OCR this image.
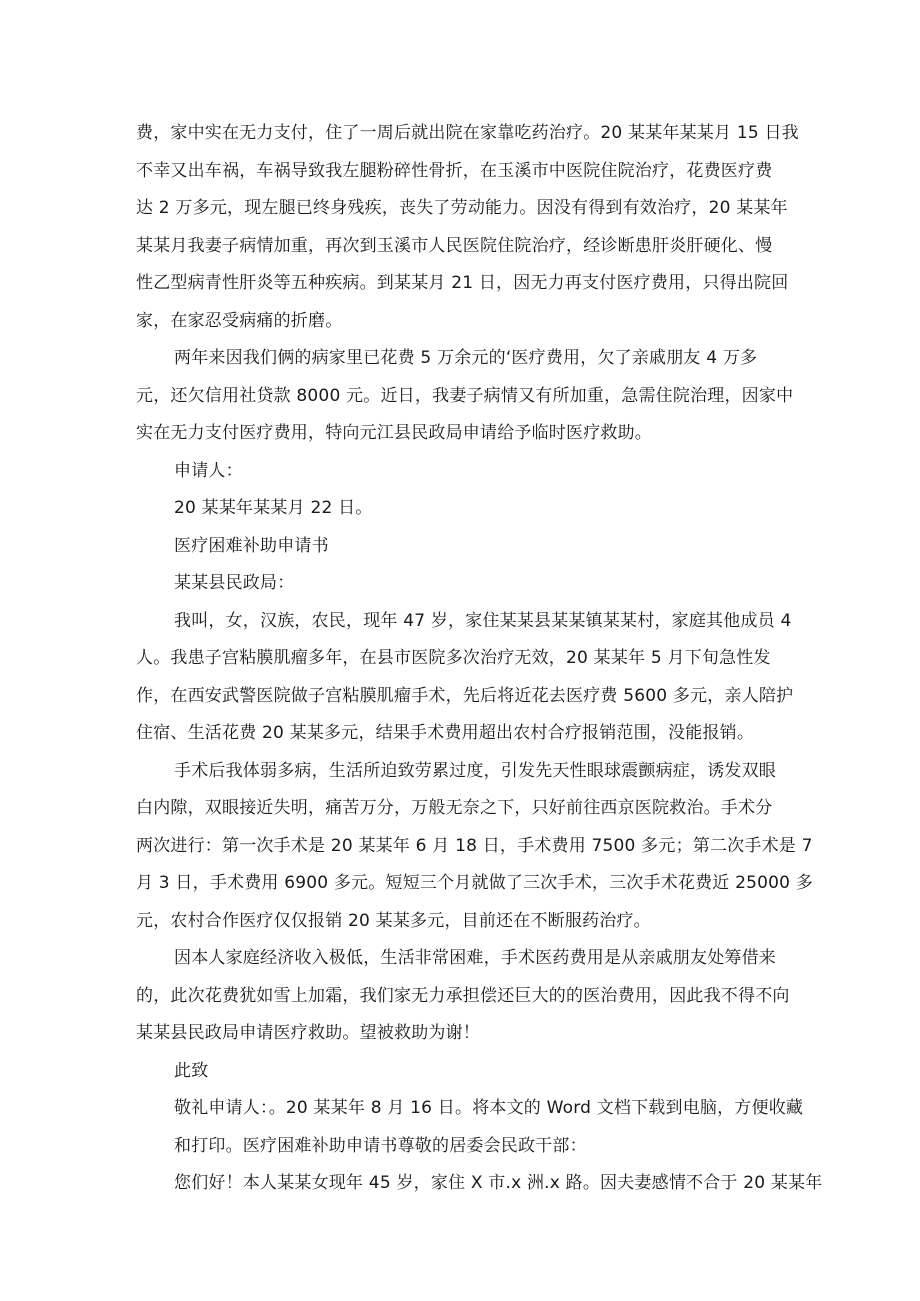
费，家中实在无力支付，住了一周后就出院在家靠吃药治疗。20 某某年某某月 15 日我
不幸又出车祸，车祸导致我左腿粉碎性骨折，在玉溪市中医院住院治疗，花费医疗费
达 2 万多元，现左腿已终身残疾，丧失了劳动能力。因没有得到有效治疗，20 某某年
某某月我妻子病情加重，再次到玉溪市人民医院住院治疗，经诊断患肝炎肝硬化、慢
性乙型病青性肝炎等五种疾病。到某某月 21 日，因无力再支付医疗费用，只得出院回
家，在家忍受病痛的折磨。
两年来因我们俩的病家里已花费 5 万余元的‘医疗费用，欠了亲戚朋友 4 万多
元，还欠信用社贷款 8000 元。近日，我妻子病情又有所加重，急需住院治理，因家中
实在无力支付医疗费用，特向元江县民政局申请给予临时医疗救助。
申请人：
20 某某年某某月 22 日。
医疗困难补助申请书
某某县民政局：
我叫，女，汉族，农民，现年 47 岁，家住某某县某某镇某某村，家庭其他成员 4
人。我患子宫粘膜肌瘤多年，在县市医院多次治疗无效，20 某某年 5 月下旬急性发
作，在西安武警医院做子宫粘膜肌瘤手术，先后将近花去医疗费 5600 多元，亲人陪护
住宿、生活花费 20 某某多元，结果手术费用超出农村合疗报销范围，没能报销。
手术后我体弱多病，生活所迫致劳累过度，引发先天性眼球震颤病症，诱发双眼
白内隙，双眼接近失明，痛苦万分，万般无奈之下，只好前往西京医院救治。手术分
两次进行：第一次手术是 20 某某年 6 月 18 日，手术费用 7500 多元；第二次手术是 7
月 3 日，手术费用 6900 多元。短短三个月就做了三次手术，三次手术花费近 25000 多
元，农村合作医疗仅仅报销 20 某某多元，目前还在不断服药治疗。
因本人家庭经济收入极低，生活非常困难，手术医药费用是从亲戚朋友处筹借来
的，此次花费犹如雪上加霜，我们家无力承担偿还巨大的的医治费用，因此我不得不向
某某县民政局申请医疗救助。望被救助为谢！
此致
敬礼申请人：。20 某某年 8 月 16 日。将本文的 Word 文档下载到电脑，方便收藏
和打印。医疗困难补助申请书尊敬的居委会民政干部：
您们好！本人某某女现年 45 岁，家住 X 市.x 洲.x 路。因夫妻感情不合于 20 某某年
